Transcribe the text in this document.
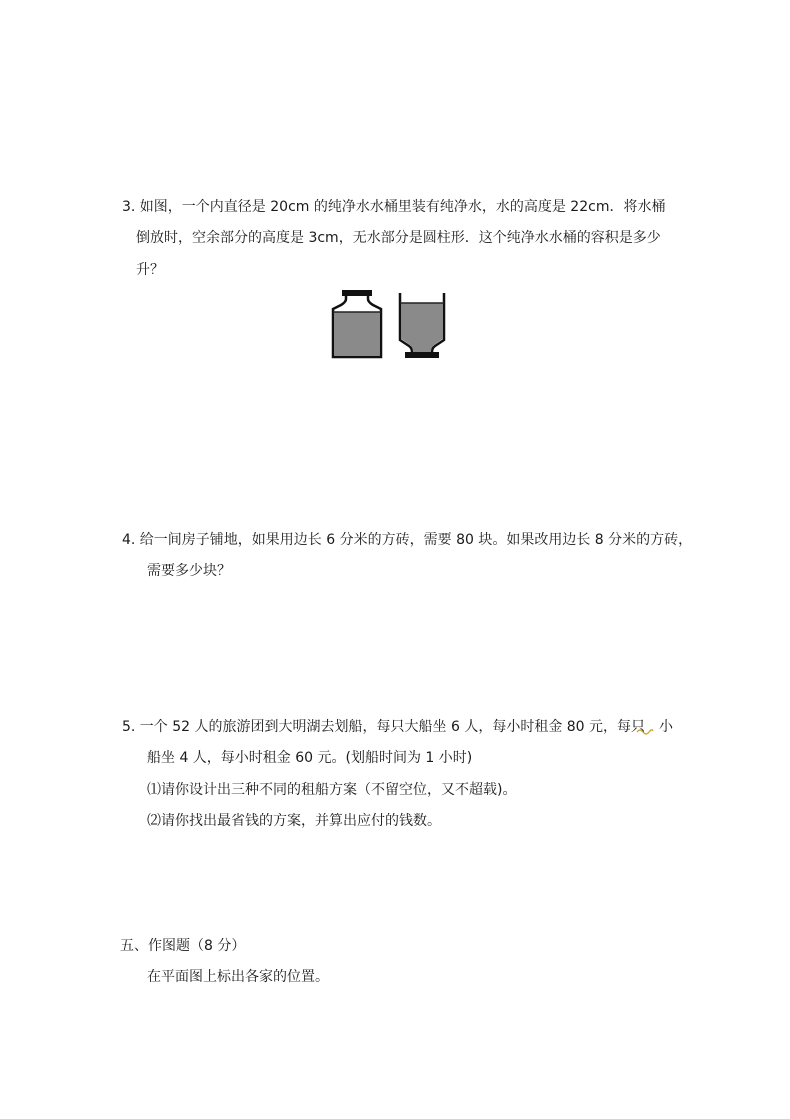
3. 如图，一个内直径是 20cm 的纯净水水桶里装有纯净水，水的高度是 22cm．将水桶
倒放时，空余部分的高度是 3cm，无水部分是圆柱形．这个纯净水水桶的容积是多少
升？
4. 给一间房子铺地，如果用边长 6 分米的方砖，需要 80 块。如果改用边长 8 分米的方砖，
需要多少块？
5. 一个 52 人的旅游团到大明湖去划船，每只大船坐 6 人，每小时租金 80 元，每只 小
船坐 4 人，每小时租金 60 元。(划船时间为 1 小时)
⑴请你设计出三种不同的租船方案（不留空位，又不超载)。
⑵请你找出最省钱的方案，并算出应付的钱数。
五、作图题（8 分）
在平面图上标出各家的位置。
